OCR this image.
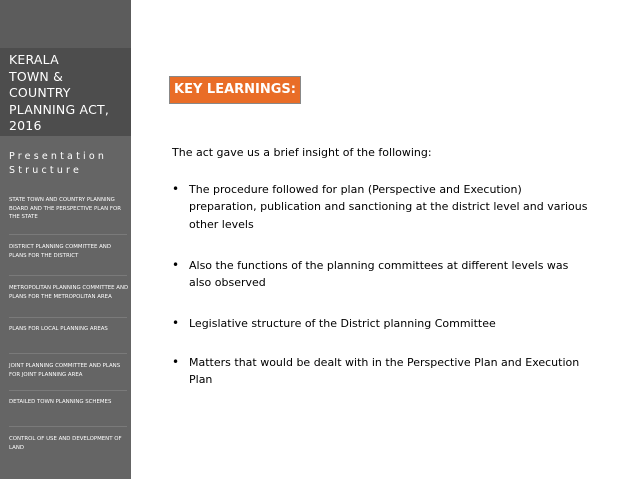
KERALA
TOWN &
COUNTRY
PLANNING ACT,
2016
Presentation
Structure
STATE TOWN AND COUNTRY PLANNING BOARD AND THE PERSPECTIVE PLAN FOR THE STATE
DISTRICT PLANNING COMMITTEE AND PLANS FOR THE DISTRICT
METROPOLITAN PLANNING COMMITTEE AND PLANS FOR THE METROPOLITAN AREA
PLANS FOR LOCAL PLANNING AREAS
JOINT PLANNING COMMITTEE AND PLANS FOR JOINT PLANNING AREA
DETAILED TOWN PLANNING SCHEMES
CONTROL OF USE AND DEVELOPMENT OF LAND
KEY LEARNINGS:
The act gave us a brief insight of the following:
• The procedure followed for plan (Perspective and Execution) preparation, publication and sanctioning at the district level and various other levels
• Also the functions of the planning committees at different levels was also observed
• Legislative structure of the District planning Committee
• Matters that would be dealt with in the Perspective Plan and Execution Plan
